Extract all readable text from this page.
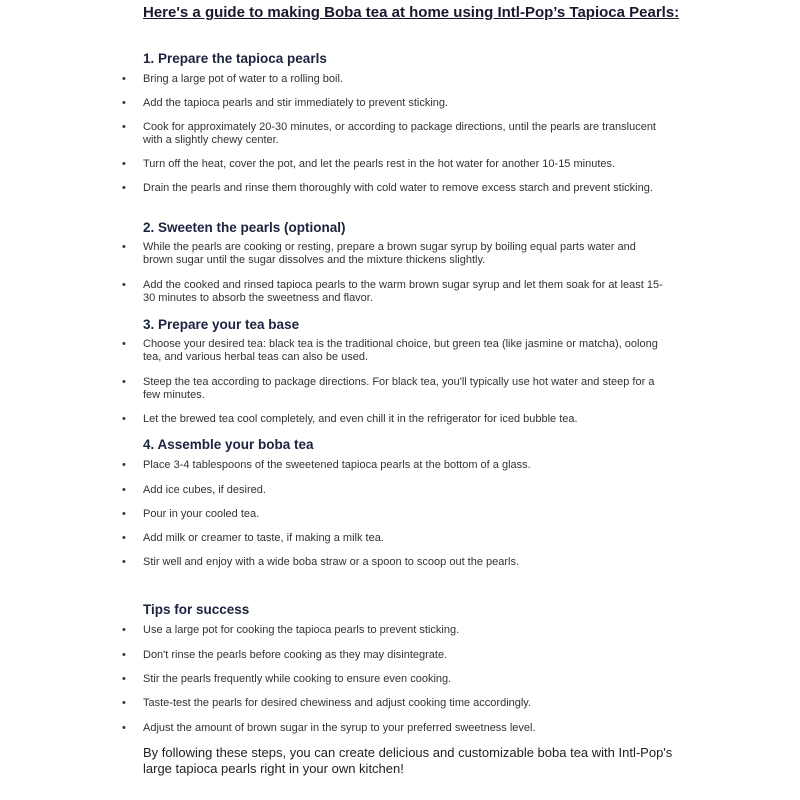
Here's a guide to making Boba tea at home using Intl-Pop’s Tapioca Pearls:
1. Prepare the tapioca pearls
• Bring a large pot of water to a rolling boil.
• Add the tapioca pearls and stir immediately to prevent sticking.
• Cook for approximately 20-30 minutes, or according to package directions, until the pearls are translucent with a slightly chewy center.
• Turn off the heat, cover the pot, and let the pearls rest in the hot water for another 10-15 minutes.
• Drain the pearls and rinse them thoroughly with cold water to remove excess starch and prevent sticking.
2. Sweeten the pearls (optional)
• While the pearls are cooking or resting, prepare a brown sugar syrup by boiling equal parts water and brown sugar until the sugar dissolves and the mixture thickens slightly.
• Add the cooked and rinsed tapioca pearls to the warm brown sugar syrup and let them soak for at least 15-30 minutes to absorb the sweetness and flavor.
3. Prepare your tea base
• Choose your desired tea: black tea is the traditional choice, but green tea (like jasmine or matcha), oolong tea, and various herbal teas can also be used.
• Steep the tea according to package directions. For black tea, you'll typically use hot water and steep for a few minutes.
• Let the brewed tea cool completely, and even chill it in the refrigerator for iced bubble tea.
4. Assemble your boba tea
• Place 3-4 tablespoons of the sweetened tapioca pearls at the bottom of a glass.
• Add ice cubes, if desired.
• Pour in your cooled tea.
• Add milk or creamer to taste, if making a milk tea.
• Stir well and enjoy with a wide boba straw or a spoon to scoop out the pearls.
Tips for success
• Use a large pot for cooking the tapioca pearls to prevent sticking.
• Don't rinse the pearls before cooking as they may disintegrate.
• Stir the pearls frequently while cooking to ensure even cooking.
• Taste-test the pearls for desired chewiness and adjust cooking time accordingly.
• Adjust the amount of brown sugar in the syrup to your preferred sweetness level.

By following these steps, you can create delicious and customizable boba tea with Intl-Pop's large tapioca pearls right in your own kitchen!
